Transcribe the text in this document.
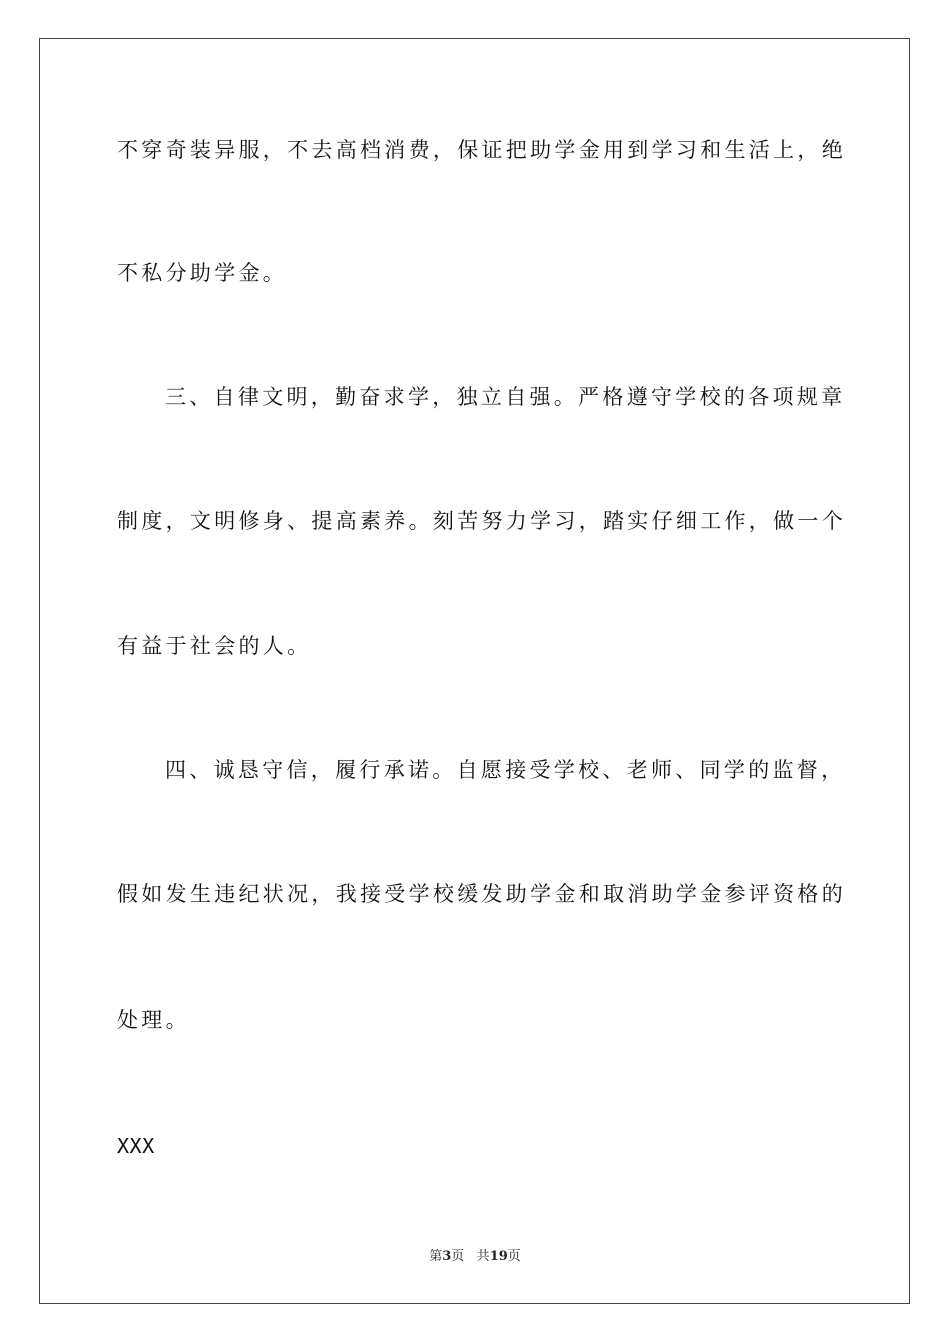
不穿奇装异服，不去高档消费，保证把助学金用到学习和生活上，绝
不私分助学金。
三、自律文明，勤奋求学，独立自强。严格遵守学校的各项规章
制度，文明修身、提高素养。刻苦努力学习，踏实仔细工作，做一个
有益于社会的人。
四、诚恳守信，履行承诺。自愿接受学校、老师、同学的监督，
假如发生违纪状况，我接受学校缓发助学金和取消助学金参评资格的
处理。
XXX
第3页 共19页
